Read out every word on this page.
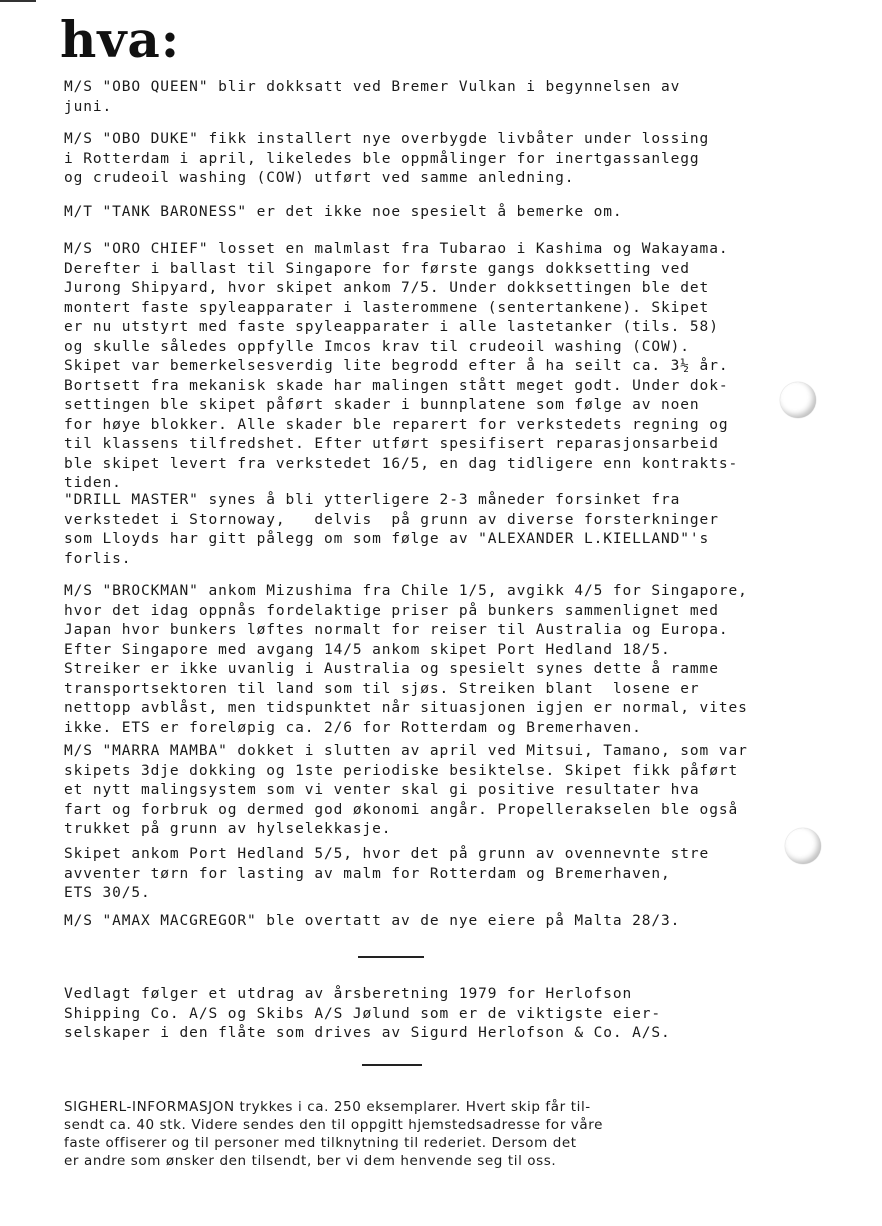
hva:

M/S "OBO QUEEN" blir dokksatt ved Bremer Vulkan i begynnelsen av
juni.

M/S "OBO DUKE" fikk installert nye overbygde livbåter under lossing
i Rotterdam i april, likeledes ble oppmålinger for inertgassanlegg
og crudeoil washing (COW) utført ved samme anledning.

M/T "TANK BARONESS" er det ikke noe spesielt å bemerke om.

M/S "ORO CHIEF" losset en malmlast fra Tubarao i Kashima og Wakayama.
Derefter i ballast til Singapore for første gangs dokksetting ved
Jurong Shipyard, hvor skipet ankom 7/5. Under dokksettingen ble det
montert faste spyleapparater i lasterommene (sentertankene). Skipet
er nu utstyrt med faste spyleapparater i alle lastetanker (tils. 58)
og skulle således oppfylle Imcos krav til crudeoil washing (COW).
Skipet var bemerkelsesverdig lite begrodd efter å ha seilt ca. 3½ år.
Bortsett fra mekanisk skade har malingen stått meget godt. Under dok-
settingen ble skipet påført skader i bunnplatene som følge av noen
for høye blokker. Alle skader ble reparert for verkstedets regning og
til klassens tilfredshet. Efter utført spesifisert reparasjonsarbeid
ble skipet levert fra verkstedet 16/5, en dag tidligere enn kontrakts-
tiden.

"DRILL MASTER" synes å bli ytterligere 2-3 måneder forsinket fra
verkstedet i Stornoway,   delvis  på grunn av diverse forsterkninger
som Lloyds har gitt pålegg om som følge av "ALEXANDER L.KIELLAND"'s
forlis.

M/S "BROCKMAN" ankom Mizushima fra Chile 1/5, avgikk 4/5 for Singapore,
hvor det idag oppnås fordelaktige priser på bunkers sammenlignet med
Japan hvor bunkers løftes normalt for reiser til Australia og Europa.
Efter Singapore med avgang 14/5 ankom skipet Port Hedland 18/5.
Streiker er ikke uvanlig i Australia og spesielt synes dette å ramme
transportsektoren til land som til sjøs. Streiken blant  losene er
nettopp avblåst, men tidspunktet når situasjonen igjen er normal, vites
ikke. ETS er foreløpig ca. 2/6 for Rotterdam og Bremerhaven.

M/S "MARRA MAMBA" dokket i slutten av april ved Mitsui, Tamano, som var
skipets 3dje dokking og 1ste periodiske besiktelse. Skipet fikk påført
et nytt malingsystem som vi venter skal gi positive resultater hva
fart og forbruk og dermed god økonomi angår. Propellerakselen ble også
trukket på grunn av hylselekkasje.

Skipet ankom Port Hedland 5/5, hvor det på grunn av ovennevnte stre
avventer tørn for lasting av malm for Rotterdam og Bremerhaven,
ETS 30/5.

M/S "AMAX MACGREGOR" ble overtatt av de nye eiere på Malta 28/3.

Vedlagt følger et utdrag av årsberetning 1979 for Herlofson
Shipping Co. A/S og Skibs A/S Jølund som er de viktigste eier-
selskaper i den flåte som drives av Sigurd Herlofson & Co. A/S.

SIGHERL-INFORMASJON trykkes i ca. 250 eksemplarer. Hvert skip får til-
sendt ca. 40 stk. Videre sendes den til oppgitt hjemstedsadresse for våre
faste offiserer og til personer med tilknytning til rederiet. Dersom det
er andre som ønsker den tilsendt, ber vi dem henvende seg til oss.
